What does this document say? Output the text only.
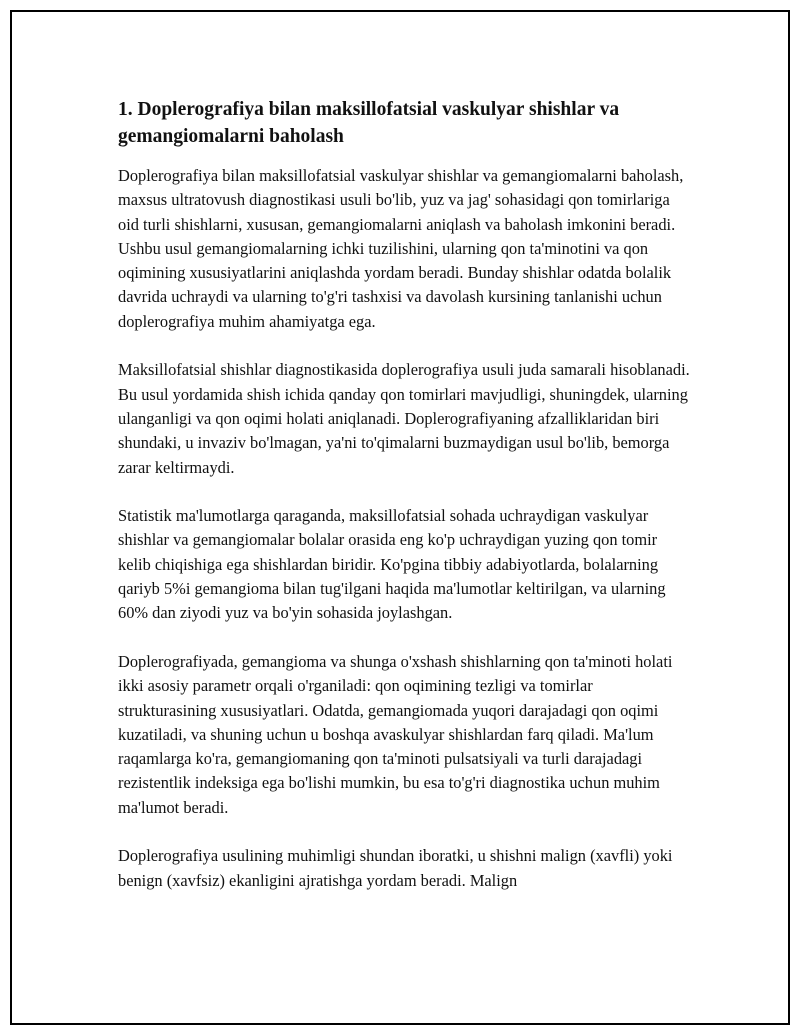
1. Doplerografiya bilan maksillofatsial vaskulyar shishlar va gemangiomalarni baholash

Doplerografiya bilan maksillofatsial vaskulyar shishlar va gemangiomalarni baholash, maxsus ultratovush diagnostikasi usuli bo'lib, yuz va jag' sohasidagi qon tomirlariga oid turli shishlarni, xususan, gemangiomalarni aniqlash va baholash imkonini beradi. Ushbu usul gemangiomalarning ichki tuzilishini, ularning qon ta'minotini va qon oqimining xususiyatlarini aniqlashda yordam beradi. Bunday shishlar odatda bolalik davrida uchraydi va ularning to'g'ri tashxisi va davolash kursining tanlanishi uchun doplerografiya muhim ahamiyatga ega.

Maksillofatsial shishlar diagnostikasida doplerografiya usuli juda samarali hisoblanadi. Bu usul yordamida shish ichida qanday qon tomirlari mavjudligi, shuningdek, ularning ulanganligi va qon oqimi holati aniqlanadi. Doplerografiyaning afzalliklaridan biri shundaki, u invaziv bo'lmagan, ya'ni to'qimalarni buzmaydigan usul bo'lib, bemorga zarar keltirmaydi.

Statistik ma'lumotlarga qaraganda, maksillofatsial sohada uchraydigan vaskulyar shishlar va gemangiomalar bolalar orasida eng ko'p uchraydigan yuzing qon tomir kelib chiqishiga ega shishlardan biridir. Ko'pgina tibbiy adabiyotlarda, bolalarning qariyb 5%i gemangioma bilan tug'ilgani haqida ma'lumotlar keltirilgan, va ularning 60% dan ziyodi yuz va bo'yin sohasida joylashgan.

Doplerografiyada, gemangioma va shunga o'xshash shishlarning qon ta'minoti holati ikki asosiy parametr orqali o'rganiladi: qon oqimining tezligi va tomirlar strukturasining xususiyatlari. Odatda, gemangiomada yuqori darajadagi qon oqimi kuzatiladi, va shuning uchun u boshqa avaskulyar shishlardan farq qiladi. Ma'lum raqamlarga ko'ra, gemangiomaning qon ta'minoti pulsatsiyali va turli darajadagi rezistentlik indeksiga ega bo'lishi mumkin, bu esa to'g'ri diagnostika uchun muhim ma'lumot beradi.

Doplerografiya usulining muhimligi shundan iboratki, u shishni malign (xavfli) yoki benign (xavfsiz) ekanligini ajratishga yordam beradi. Malign
